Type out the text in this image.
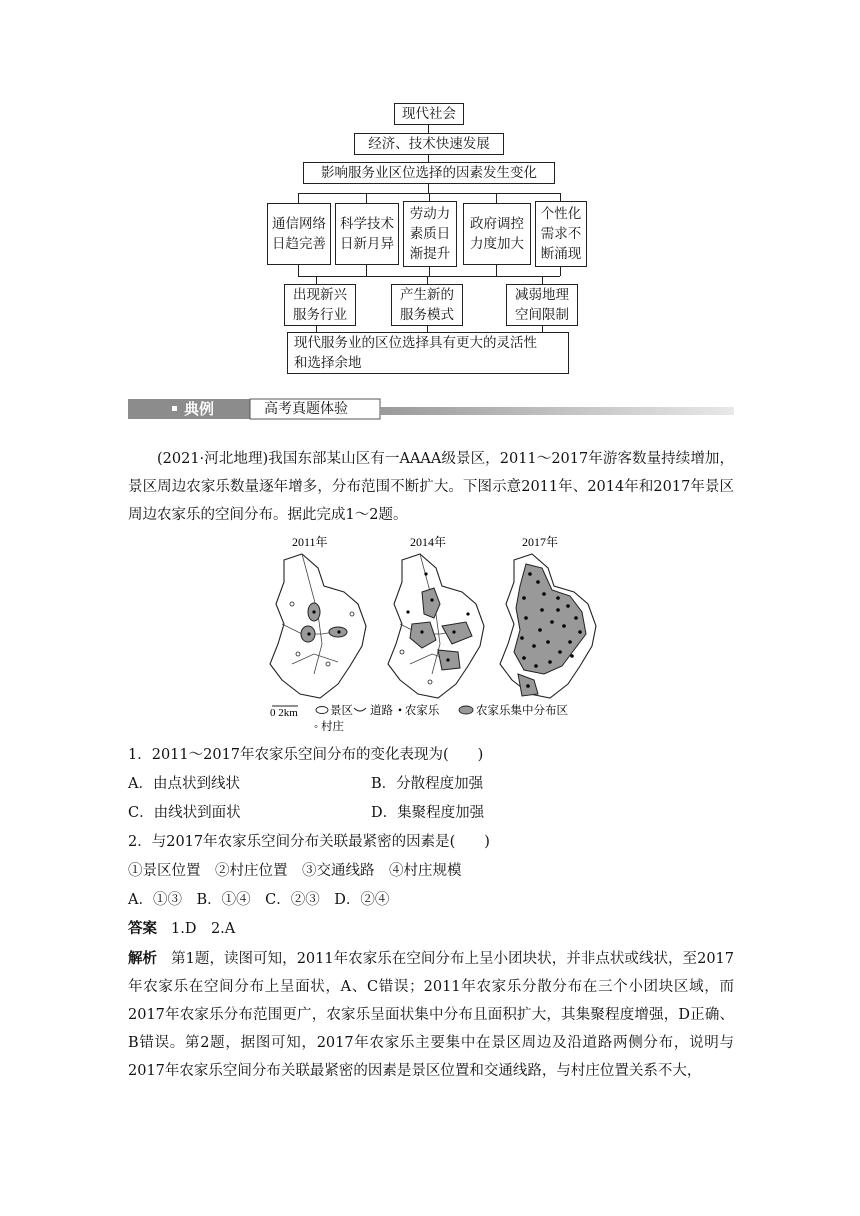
现代社会
经济、技术快速发展
影响服务业区位选择的因素发生变化
通信网络
日趋完善
科学技术
日新月异
劳动力
素质日
渐提升
政府调控
力度加大
个性化
需求不
断涌现
出现新兴
服务行业
产生新的
服务模式
减弱地理
空间限制
现代服务业的区位选择具有更大的灵活性
和选择余地
典例	高考真题体验
(2021·河北地理)我国东部某山区有一AAAA级景区，2011～2017年游客数量持续增加，景区周边农家乐数量逐年增多，分布范围不断扩大。下图示意2011年、2014年和2017年景区周边农家乐的空间分布。据此完成1～2题。
2011年	2014年	2017年
0 2km	景区 道路 • 农家乐	农家乐集中分布区
◦ 村庄
1．2011～2017年农家乐空间分布的变化表现为(　　)
A．由点状到线状	B．分散程度加强
C．由线状到面状	D．集聚程度加强
2．与2017年农家乐空间分布关联最紧密的因素是(　　)
①景区位置　②村庄位置　③交通线路　④村庄规模
A．①③　B．①④　C．②③　D．②④
答案 1.D　2.A
解析 第1题，读图可知，2011年农家乐在空间分布上呈小团块状，并非点状或线状，至2017年农家乐在空间分布上呈面状，A、C错误；2011年农家乐分散分布在三个小团块区域，而2017年农家乐分布范围更广，农家乐呈面状集中分布且面积扩大，其集聚程度增强，D正确、B错误。第2题，据图可知，2017年农家乐主要集中在景区周边及沿道路两侧分布，说明与2017年农家乐空间分布关联最紧密的因素是景区位置和交通线路，与村庄位置关系不大，
